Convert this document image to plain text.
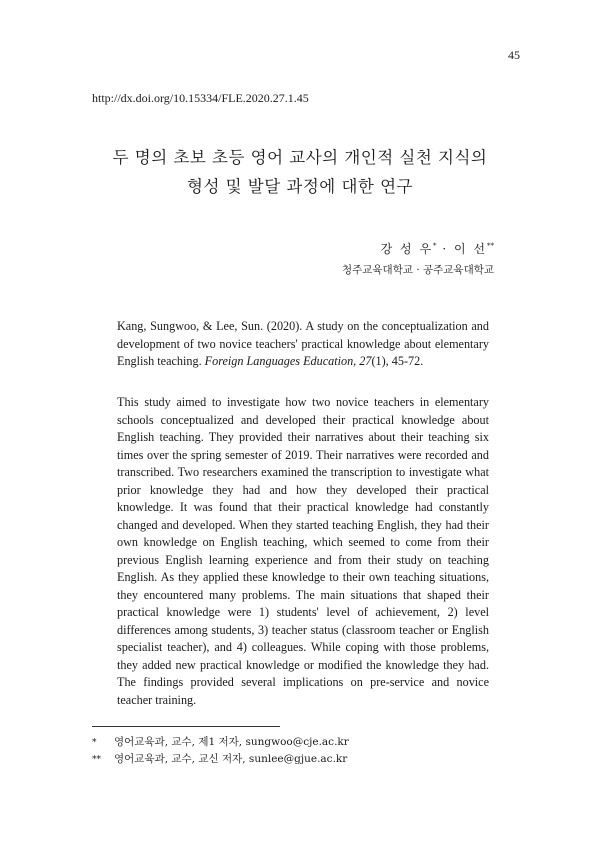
45
http://dx.doi.org/10.15334/FLE.2020.27.1.45
두 명의 초보 초등 영어 교사의 개인적 실천 지식의
형성 및 발달 과정에 대한 연구
강 성 우* · 이 선**
청주교육대학교 · 공주교육대학교
Kang, Sungwoo, & Lee, Sun. (2020). A study on the conceptualization and development of two novice teachers' practical knowledge about elementary English teaching. Foreign Languages Education, 27(1), 45-72.
This study aimed to investigate how two novice teachers in elementary schools conceptualized and developed their practical knowledge about English teaching. They provided their narratives about their teaching six times over the spring semester of 2019. Their narratives were recorded and transcribed. Two researchers examined the transcription to investigate what prior knowledge they had and how they developed their practical knowledge. It was found that their practical knowledge had constantly changed and developed. When they started teaching English, they had their own knowledge on English teaching, which seemed to come from their previous English learning experience and from their study on teaching English. As they applied these knowledge to their own teaching situations, they encountered many problems. The main situations that shaped their practical knowledge were 1) students' level of achievement, 2) level differences among students, 3) teacher status (classroom teacher or English specialist teacher), and 4) colleagues. While coping with those problems, they added new practical knowledge or modified the knowledge they had. The findings provided several implications on pre-service and novice teacher training.
* 영어교육과, 교수, 제1 저자, sungwoo@cje.ac.kr
** 영어교육과, 교수, 교신 저자, sunlee@gjue.ac.kr
